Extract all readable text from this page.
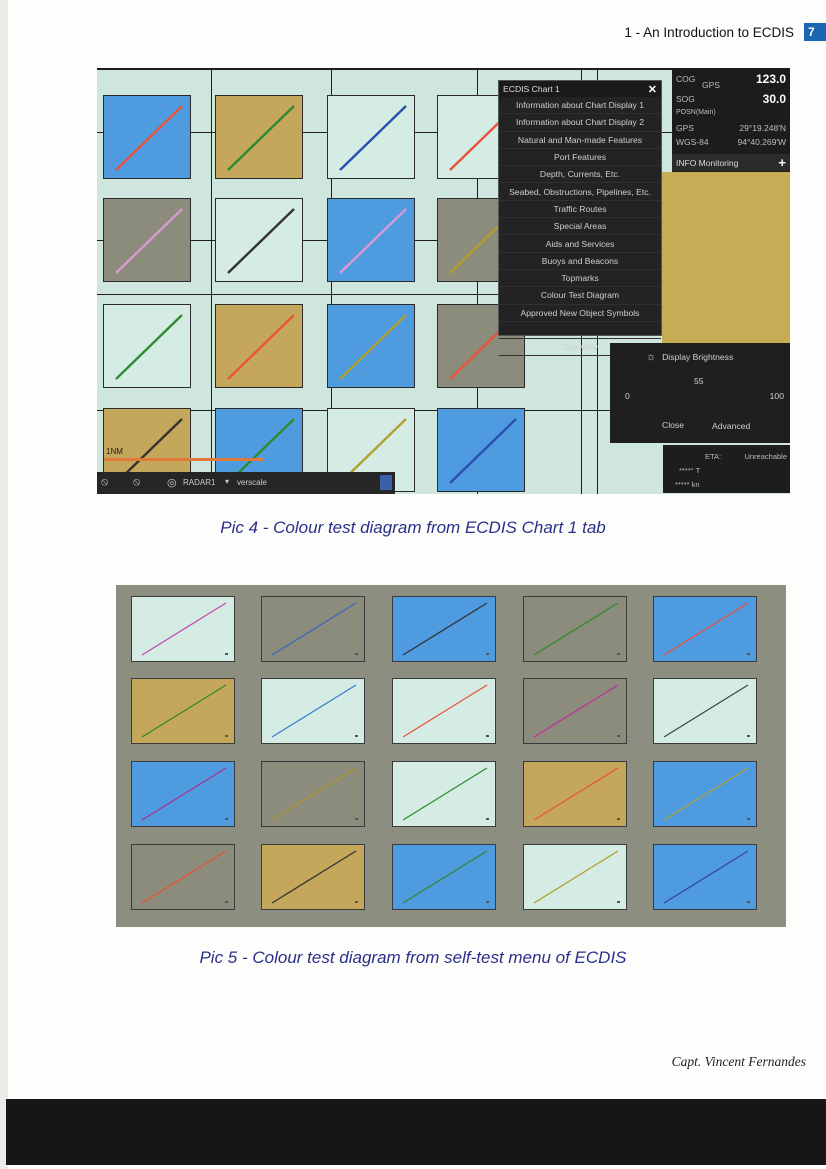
1 - An Introduction to ECDIS	7
ECDIS Chart 1	✕
Information about Chart Display 1
Information about Chart Display 2
Natural and Man-made Features
Port Features
Depth, Currents, Etc.
Seabed, Obstructions, Pipelines, Etc.
Traffic Routes
Special Areas
Aids and Services
Buoys and Beacons
Topmarks
Colour Test Diagram
Approved New Object Symbols
Overview
COG	123.0
GPS
SOG	30.0
POSN(Main)
GPS	29°19.248'N
WGS-84	94°40.269'W
INFO Monitoring	+
☼ Display Brightness
55
0	100
Close	Advanced
ETA:	Unreachable
****° T
***** kn
1NM
⦸ ⦸ ◎ RADAR1 ▾ verscale
Pic 4 - Colour test diagram from ECDIS Chart 1 tab
Pic 5 - Colour test diagram from self-test menu of ECDIS
Capt. Vincent Fernandes
